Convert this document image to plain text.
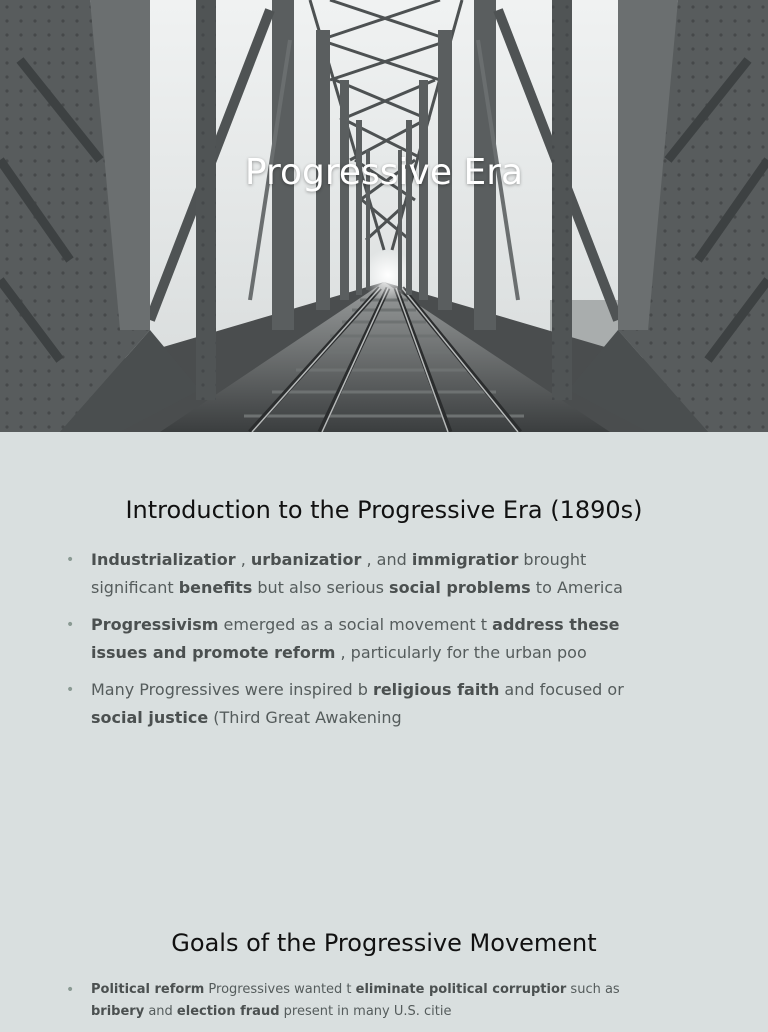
Progressive Era
Introduction to the Progressive Era (1890s)
• Industrializatior , urbanizatior , and immigratior brought significant benefits but also serious social problems to America
• Progressivism emerged as a social movement t address these issues and promote reform , particularly for the urban poo
• Many Progressives were inspired b religious faith and focused or social justice (Third Great Awakening
Goals of the Progressive Movement
• Political reform Progressives wanted t eliminate political corruptior such as bribery and election fraud present in many U.S. citie
